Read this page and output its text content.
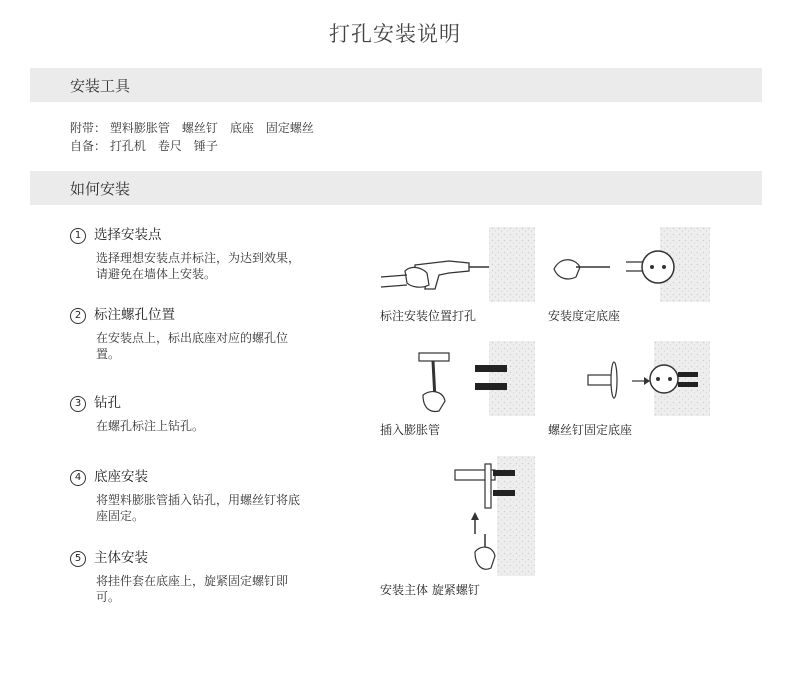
打孔安装说明
安装工具
附带： 塑料膨胀管　螺丝钉　底座　固定螺丝
自备： 打孔机　卷尺　锤子
如何安装
1 选择安装点
选择理想安装点并标注，为达到效果，请避免在墙体上安装。
2 标注螺孔位置
在安装点上，标出底座对应的螺孔位置。
3 钻孔
在螺孔标注上钻孔。
4 底座安装
将塑料膨胀管插入钻孔，用螺丝钉将底座固定。
5 主体安装
将挂件套在底座上，旋紧固定螺钉即可。
标注安装位置打孔	安装度定底座
插入膨胀管	螺丝钉固定底座
安装主体 旋紧螺钉
